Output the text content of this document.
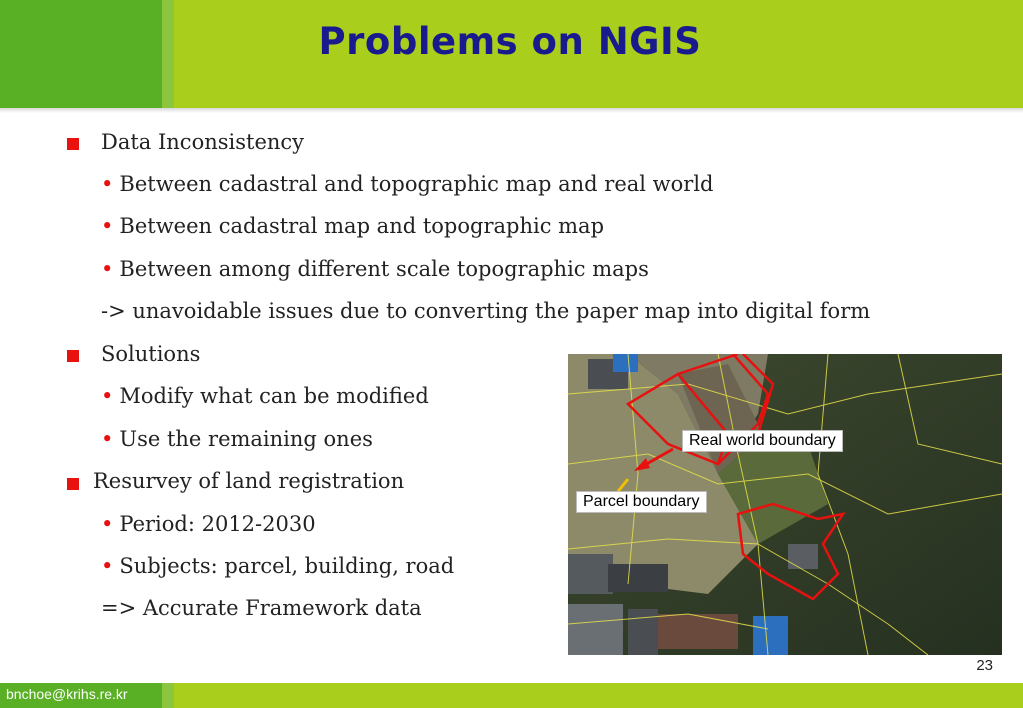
Problems on NGIS
Data Inconsistency
• Between cadastral and topographic map and real world
• Between cadastral map and topographic map
• Between among different scale topographic maps
-> unavoidable issues due to converting the paper map into digital form
Solutions
• Modify what can be modified
• Use the remaining ones
Resurvey of land registration
• Period: 2012-2030
• Subjects: parcel, building, road
=> Accurate Framework data
Real world boundary
Parcel boundary
23
bnchoe@krihs.re.kr
